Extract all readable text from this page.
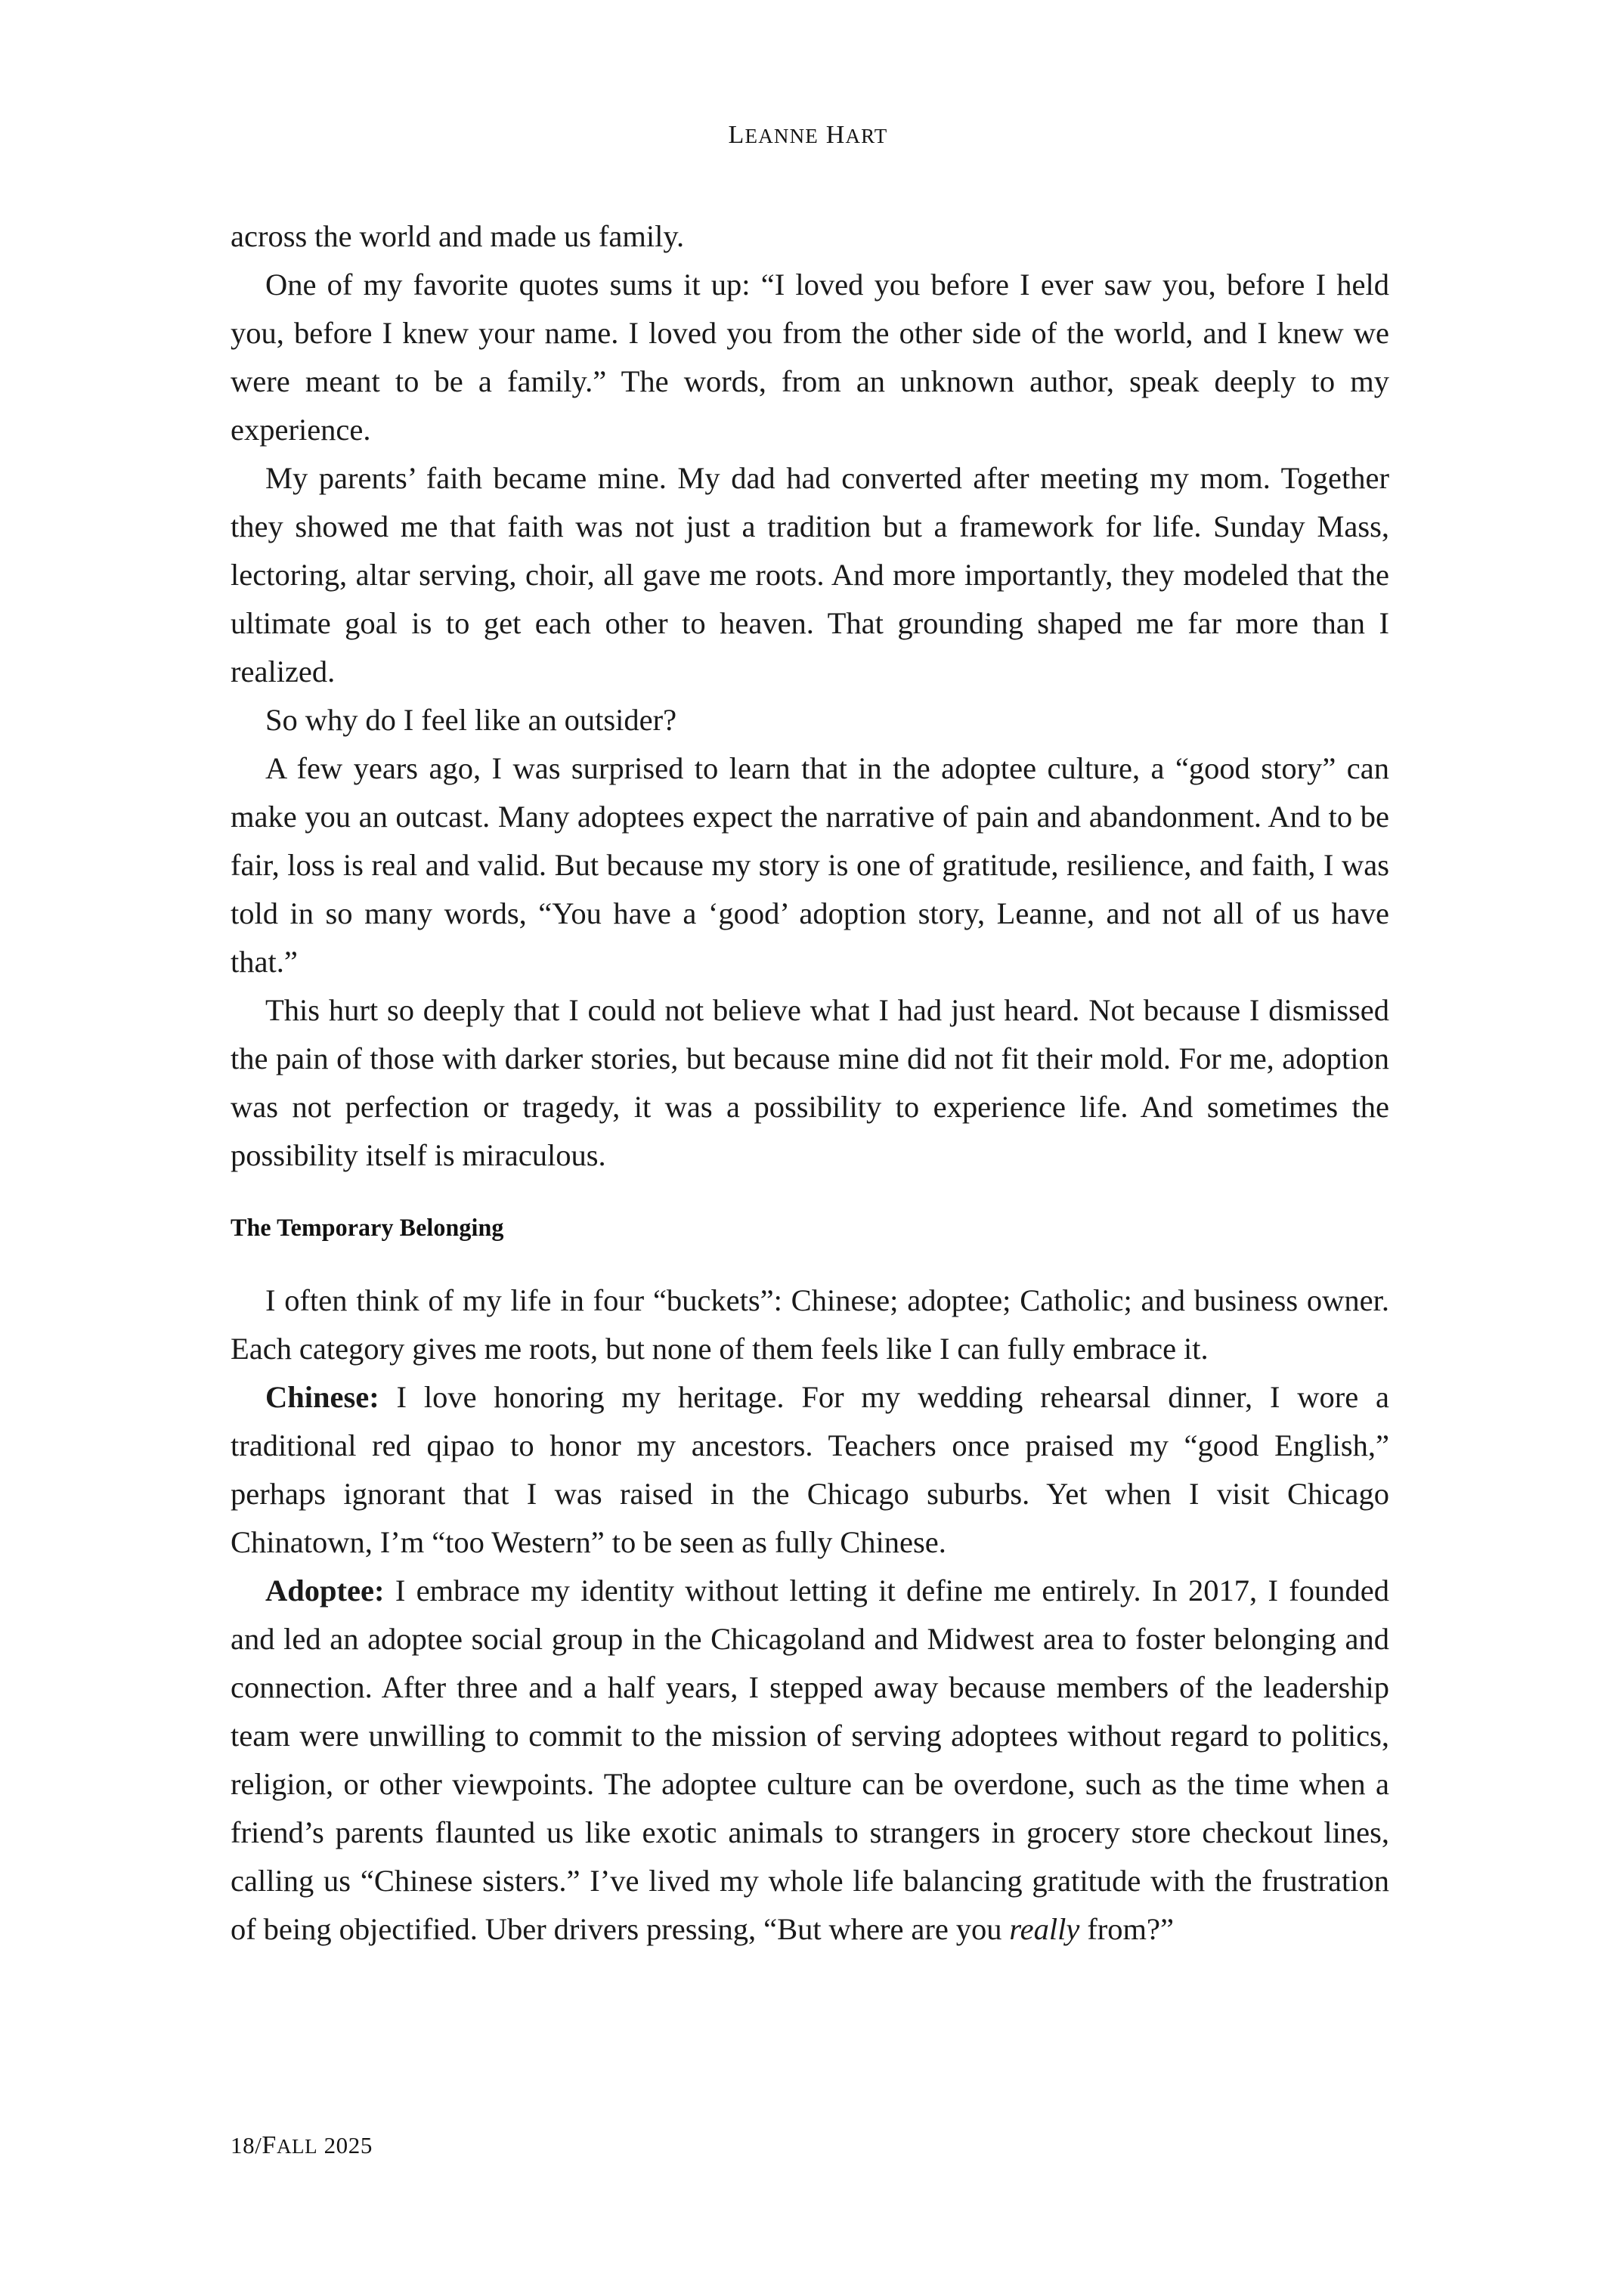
LEANNE HART

across the world and made us family.

One of my favorite quotes sums it up: “I loved you before I ever saw you, before I held you, before I knew your name. I loved you from the other side of the world, and I knew we were meant to be a family.” The words, from an unknown author, speak deeply to my experience.

My parents’ faith became mine. My dad had converted after meeting my mom. Together they showed me that faith was not just a tradition but a framework for life. Sunday Mass, lectoring, altar serving, choir, all gave me roots. And more importantly, they modeled that the ultimate goal is to get each other to heaven. That grounding shaped me far more than I realized.

So why do I feel like an outsider?

A few years ago, I was surprised to learn that in the adoptee culture, a “good story” can make you an outcast. Many adoptees expect the narrative of pain and abandonment. And to be fair, loss is real and valid. But because my story is one of gratitude, resilience, and faith, I was told in so many words, “You have a ‘good’ adoption story, Leanne, and not all of us have that.”

This hurt so deeply that I could not believe what I had just heard. Not because I dismissed the pain of those with darker stories, but because mine did not fit their mold. For me, adoption was not perfection or tragedy, it was a possibility to experience life. And sometimes the possibility itself is miraculous.

The Temporary Belonging

I often think of my life in four “buckets”: Chinese; adoptee; Catholic; and business owner. Each category gives me roots, but none of them feels like I can fully embrace it.

Chinese: I love honoring my heritage. For my wedding rehearsal dinner, I wore a traditional red qipao to honor my ancestors. Teachers once praised my “good English,” perhaps ignorant that I was raised in the Chicago suburbs. Yet when I visit Chicago Chinatown, I’m “too Western” to be seen as fully Chinese.

Adoptee: I embrace my identity without letting it define me entirely. In 2017, I founded and led an adoptee social group in the Chicagoland and Midwest area to foster belonging and connection. After three and a half years, I stepped away because members of the leadership team were unwilling to commit to the mission of serving adoptees without regard to politics, religion, or other viewpoints. The adoptee culture can be overdone, such as the time when a friend’s parents flaunted us like exotic animals to strangers in grocery store checkout lines, calling us “Chinese sisters.” I’ve lived my whole life balancing gratitude with the frustration of being objectified. Uber drivers pressing, “But where are you really from?”

18/FALL 2025
